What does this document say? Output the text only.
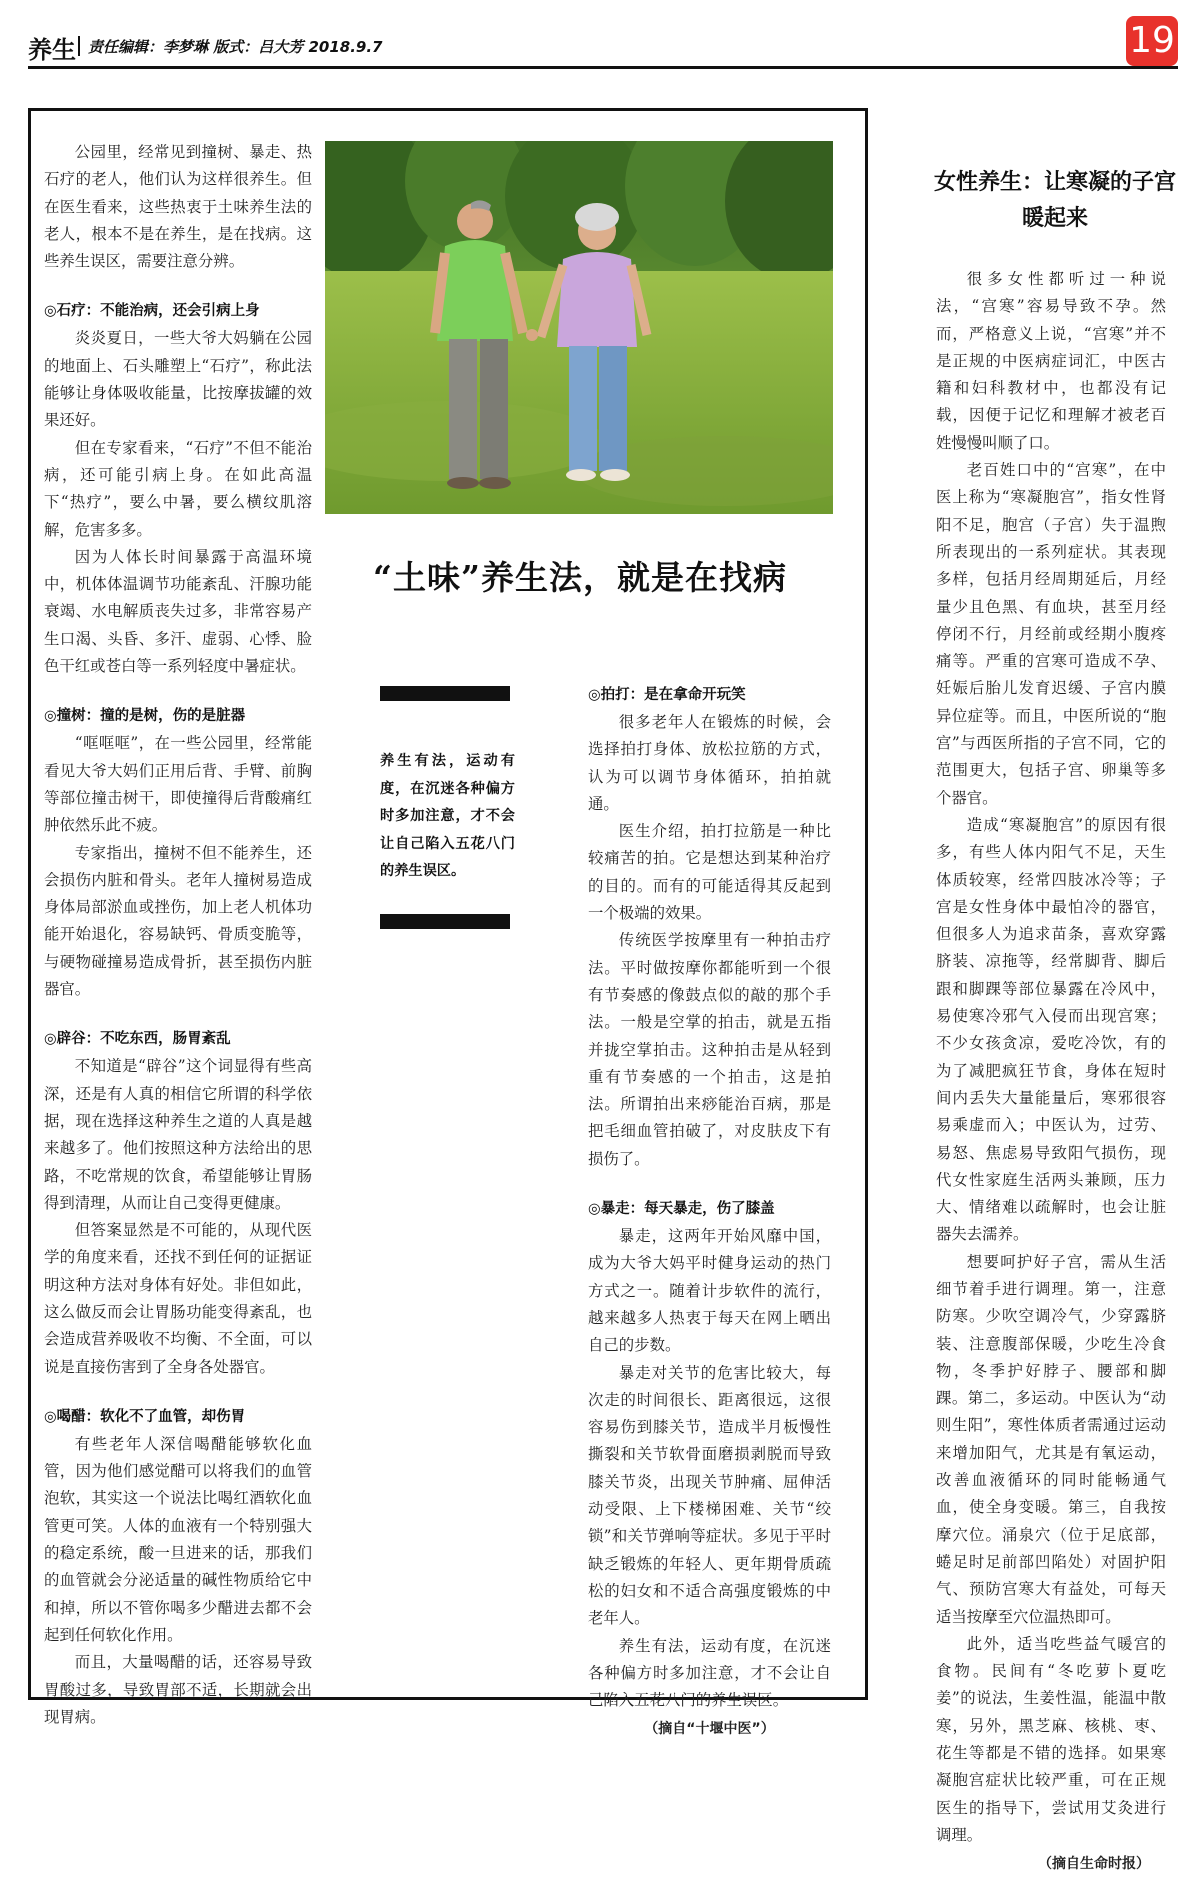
养生 责任编辑：李梦琳 版式：吕大芳 2018.9.7	19
“土味”养生法，就是在找病
养生有法，运动有度，在沉迷各种偏方时多加注意，才不会让自己陷入五花八门的养生误区。

公园里，经常见到撞树、暴走、热石疗的老人，他们认为这样很养生。但在医生看来，这些热衷于土味养生法的老人，根本不是在养生，是在找病。这些养生误区，需要注意分辨。

◎石疗：不能治病，还会引病上身

炎炎夏日，一些大爷大妈躺在公园的地面上、石头雕塑上“石疗”，称此法能够让身体吸收能量，比按摩拔罐的效果还好。

但在专家看来，“石疗”不但不能治病，还可能引病上身。在如此高温下“热疗”，要么中暑，要么横纹肌溶解，危害多多。

因为人体长时间暴露于高温环境中，机体体温调节功能紊乱、汗腺功能衰竭、水电解质丧失过多，非常容易产生口渴、头昏、多汗、虚弱、心悸、脸色干红或苍白等一系列轻度中暑症状。

◎撞树：撞的是树，伤的是脏器

“哐哐哐”，在一些公园里，经常能看见大爷大妈们正用后背、手臂、前胸等部位撞击树干，即使撞得后背酸痛红肿依然乐此不疲。

专家指出，撞树不但不能养生，还会损伤内脏和骨头。老年人撞树易造成身体局部淤血或挫伤，加上老人机体功能开始退化，容易缺钙、骨质变脆等，与硬物碰撞易造成骨折，甚至损伤内脏器官。

◎辟谷：不吃东西，肠胃紊乱

不知道是“辟谷”这个词显得有些高深，还是有人真的相信它所谓的科学依据，现在选择这种养生之道的人真是越来越多了。他们按照这种方法给出的思路，不吃常规的饮食，希望能够让胃肠得到清理，从而让自己变得更健康。

但答案显然是不可能的，从现代医学的角度来看，还找不到任何的证据证明这种方法对身体有好处。非但如此，这么做反而会让胃肠功能变得紊乱，也会造成营养吸收不均衡、不全面，可以说是直接伤害到了全身各处器官。

◎喝醋：软化不了血管，却伤胃

有些老年人深信喝醋能够软化血管，因为他们感觉醋可以将我们的血管泡软，其实这一个说法比喝红酒软化血管更可笑。人体的血液有一个特别强大的稳定系统，酸一旦进来的话，那我们的血管就会分泌适量的碱性物质给它中和掉，所以不管你喝多少醋进去都不会起到任何软化作用。

而且，大量喝醋的话，还容易导致胃酸过多，导致胃部不适，长期就会出现胃病。

◎拍打：是在拿命开玩笑

很多老年人在锻炼的时候，会选择拍打身体、放松拉筋的方式，认为可以调节身体循环，拍拍就通。

医生介绍，拍打拉筋是一种比较痛苦的拍。它是想达到某种治疗的目的。而有的可能适得其反起到一个极端的效果。

传统医学按摩里有一种拍击疗法。平时做按摩你都能听到一个很有节奏感的像鼓点似的敲的那个手法。一般是空掌的拍击，就是五指并拢空掌拍击。这种拍击是从轻到重有节奏感的一个拍击，这是拍法。所谓拍出来痧能治百病，那是把毛细血管拍破了，对皮肤皮下有损伤了。

◎暴走：每天暴走，伤了膝盖

暴走，这两年开始风靡中国，成为大爷大妈平时健身运动的热门方式之一。随着计步软件的流行，越来越多人热衷于每天在网上晒出自己的步数。

暴走对关节的危害比较大，每次走的时间很长、距离很远，这很容易伤到膝关节，造成半月板慢性撕裂和关节软骨面磨损剥脱而导致膝关节炎，出现关节肿痛、屈伸活动受限、上下楼梯困难、关节“绞锁”和关节弹响等症状。多见于平时缺乏锻炼的年轻人、更年期骨质疏松的妇女和不适合高强度锻炼的中老年人。

养生有法，运动有度，在沉迷各种偏方时多加注意，才不会让自己陷入五花八门的养生误区。

（摘自“十堰中医”）
女性养生：让寒凝的子宫暖起来

很多女性都听过一种说法，“宫寒”容易导致不孕。然而，严格意义上说，“宫寒”并不是正规的中医病症词汇，中医古籍和妇科教材中，也都没有记载，因便于记忆和理解才被老百姓慢慢叫顺了口。

老百姓口中的“宫寒”，在中医上称为“寒凝胞宫”，指女性肾阳不足，胞宫（子宫）失于温煦所表现出的一系列症状。其表现多样，包括月经周期延后，月经量少且色黑、有血块，甚至月经停闭不行，月经前或经期小腹疼痛等。严重的宫寒可造成不孕、妊娠后胎儿发育迟缓、子宫内膜异位症等。而且，中医所说的“胞宫”与西医所指的子宫不同，它的范围更大，包括子宫、卵巢等多个器官。

造成“寒凝胞宫”的原因有很多，有些人体内阳气不足，天生体质较寒，经常四肢冰冷等；子宫是女性身体中最怕冷的器官，但很多人为追求苗条，喜欢穿露脐装、凉拖等，经常脚背、脚后跟和脚踝等部位暴露在冷风中，易使寒冷邪气入侵而出现宫寒；不少女孩贪凉，爱吃冷饮，有的为了减肥疯狂节食，身体在短时间内丢失大量能量后，寒邪很容易乘虚而入；中医认为，过劳、易怒、焦虑易导致阳气损伤，现代女性家庭生活两头兼顾，压力大、情绪难以疏解时，也会让脏器失去濡养。

想要呵护好子宫，需从生活细节着手进行调理。第一，注意防寒。少吹空调冷气，少穿露脐装、注意腹部保暖，少吃生冷食物，冬季护好脖子、腰部和脚踝。第二，多运动。中医认为“动则生阳”，寒性体质者需通过运动来增加阳气，尤其是有氧运动，改善血液循环的同时能畅通气血，使全身变暖。第三，自我按摩穴位。涌泉穴（位于足底部，蜷足时足前部凹陷处）对固护阳气、预防宫寒大有益处，可每天适当按摩至穴位温热即可。

此外，适当吃些益气暖宫的食物。民间有“冬吃萝卜夏吃姜”的说法，生姜性温，能温中散寒，另外，黑芝麻、核桃、枣、花生等都是不错的选择。如果寒凝胞宫症状比较严重，可在正规医生的指导下，尝试用艾灸进行调理。

（摘自生命时报）
